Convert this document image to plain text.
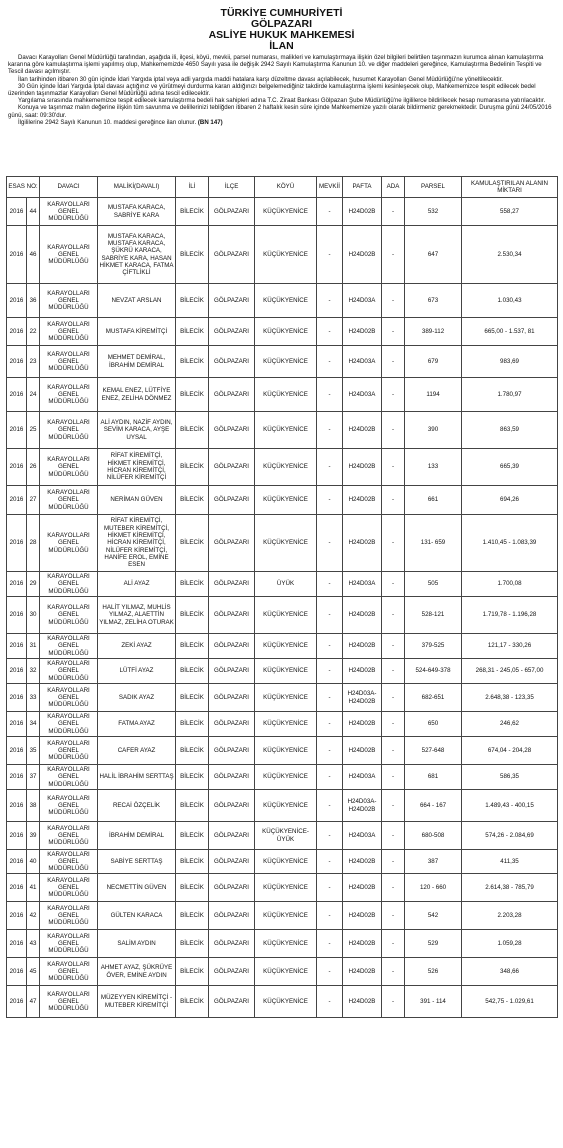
TÜRKİYE CUMHURİYETİ
GÖLPAZARI
ASLİYE HUKUK MAHKEMESİ
İLAN

Davacı Karayolları Genel Müdürlüğü tarafından, aşağıda ili, ilçesi, köyü, mevkii, parsel numarası, malikleri ve kamulaştırmaya ilişkin özel bilgileri belirtilen taşınmazın kurumca alınan kamulaştırma kararına göre kamulaştırma işlemi yapılmış olup, Mahkememizde 4650 Sayılı yasa ile değişik 2942 Sayılı Kamulaştırma Kanunun 10. ve diğer maddeleri gereğince, Kamulaştırma Bedelinin Tespiti ve Tescil davası açılmıştır.

İlan tarihinden itibaren 30 gün içinde İdari Yargıda iptal veya adli yargıda maddi hatalara karşı düzeltme davası açılabilecek, husumet Karayolları Genel Müdürlüğü'ne yöneltilecektir.

30 Gün içinde İdari Yargıda İptal davası açtığınız ve yürütmeyi durdurma kararı aldığınızı belgelemediğiniz takdirde kamulaştırma işlemi kesinleşecek olup, Mahkememizce tespit edilecek bedel üzerinden taşınmazlar Karayolları Genel Müdürlüğü adına tescil edilecektir.

Yargılama sırasında mahkememizce tespit edilecek kamulaştırma bedeli hak sahipleri adına T.C. Ziraat Bankası Gölpazarı Şube Müdürlüğü'ne ilgililerce bildirilecek hesap numarasına yatırılacaktır.

Konuya ve taşınmaz malın değerine ilişkin tüm savunma ve delillerinizi tebliğden itibaren 2 haftalık kesin süre içinde Mahkememize yazılı olarak bildirmeniz gerekmektedir. Duruşma günü 24/05/2016 günü, saat: 09:30'dur.

İlgililerine 2942 Sayılı Kanunun 10. maddesi gereğince ilan olunur. (BN 147)

ESAS NO:		DAVACI	MALİKİ(DAVALI)	İLİ	İLÇE	KÖYÜ	MEVKİİ	PAFTA	ADA	PARSEL	KAMULAŞTIRILAN ALANIN MİKTARI
2016	44	KARAYOLLARI GENEL MÜDÜRLÜĞÜ	MUSTAFA KARACA, SABRİYE KARA	BİLECİK	GÖLPAZARI	KÜÇÜKYENİCE	-	H24D02B	-	532	558,27
2016	46	KARAYOLLARI GENEL MÜDÜRLÜĞÜ	MUSTAFA KARACA, MUSTAFA KARACA, ŞÜKRÜ KARACA, SABRİYE KARA, HASAN HİKMET KARACA, FATMA ÇİFTLİKLİ	BİLECİK	GÖLPAZARI	KÜÇÜKYENİCE	-	H24D02B	-	647	2.530,34
2016	36	KARAYOLLARI GENEL MÜDÜRLÜĞÜ	NEVZAT ARSLAN	BİLECİK	GÖLPAZARI	KÜÇÜKYENİCE	-	H24D03A	-	673	1.030,43
2016	22	KARAYOLLARI GENEL MÜDÜRLÜĞÜ	MUSTAFA KİREMİTÇİ	BİLECİK	GÖLPAZARI	KÜÇÜKYENİCE	-	H24D02B	-	389-112	665,00 - 1.537, 81
2016	23	KARAYOLLARI GENEL MÜDÜRLÜĞÜ	MEHMET DEMİRAL, İBRAHİM DEMİRAL	BİLECİK	GÖLPAZARI	KÜÇÜKYENİCE	-	H24D03A	-	679	983,69
2016	24	KARAYOLLARI GENEL MÜDÜRLÜĞÜ	KEMAL ENEZ, LÜTFİYE ENEZ, ZELİHA DÖNMEZ	BİLECİK	GÖLPAZARI	KÜÇÜKYENİCE	-	H24D03A	-	1194	1.780,97
2016	25	KARAYOLLARI GENEL MÜDÜRLÜĞÜ	ALİ AYDIN, NAZİF AYDIN, SEVİM KARACA, AYŞE UYSAL	BİLECİK	GÖLPAZARI	KÜÇÜKYENİCE	-	H24D02B	-	390	863,59
2016	26	KARAYOLLARI GENEL MÜDÜRLÜĞÜ	RİFAT KİREMİTÇİ, HİKMET KİREMİTÇİ, HİCRAN KİREMİTÇİ, NİLÜFER KİREMİTÇİ	BİLECİK	GÖLPAZARI	KÜÇÜKYENİCE	-	H24D02B	-	133	665,39
2016	27	KARAYOLLARI GENEL MÜDÜRLÜĞÜ	NERİMAN GÜVEN	BİLECİK	GÖLPAZARI	KÜÇÜKYENİCE	-	H24D02B	-	661	694,26
2016	28	KARAYOLLARI GENEL MÜDÜRLÜĞÜ	RİFAT KİREMİTÇİ, MUTEBER KİREMİTÇİ, HİKMET KİREMİTÇİ, HİCRAN KİREMİTÇİ, NİLÜFER KİREMİTÇİ, HANİFE EROL, EMİNE ESEN	BİLECİK	GÖLPAZARI	KÜÇÜKYENİCE	-	H24D02B	-	131- 659	1.410,45 - 1.083,39
2016	29	KARAYOLLARI GENEL MÜDÜRLÜĞÜ	ALİ AYAZ	BİLECİK	GÖLPAZARI	ÜYÜK	-	H24D03A	-	505	1.700,08
2016	30	KARAYOLLARI GENEL MÜDÜRLÜĞÜ	HALİT YILMAZ, MUHLİS YILMAZ, ALAETTİN YILMAZ, ZELİHA OTURAK	BİLECİK	GÖLPAZARI	KÜÇÜKYENİCE	-	H24D02B	-	528-121	1.719,78 - 1.196,28
2016	31	KARAYOLLARI GENEL MÜDÜRLÜĞÜ	ZEKİ AYAZ	BİLECİK	GÖLPAZARI	KÜÇÜKYENİCE	-	H24D02B	-	379-525	121,17 - 330,26
2016	32	KARAYOLLARI GENEL MÜDÜRLÜĞÜ	LÜTFİ AYAZ	BİLECİK	GÖLPAZARI	KÜÇÜKYENİCE	-	H24D02B	-	524-649-378	268,31 - 245,05 - 657,00
2016	33	KARAYOLLARI GENEL MÜDÜRLÜĞÜ	SADIK AYAZ	BİLECİK	GÖLPAZARI	KÜÇÜKYENİCE	-	H24D03A- H24D02B	-	682-651	2.648,38 - 123,35
2016	34	KARAYOLLARI GENEL MÜDÜRLÜĞÜ	FATMA AYAZ	BİLECİK	GÖLPAZARI	KÜÇÜKYENİCE	-	H24D02B	-	650	246,62
2016	35	KARAYOLLARI GENEL MÜDÜRLÜĞÜ	CAFER AYAZ	BİLECİK	GÖLPAZARI	KÜÇÜKYENİCE	-	H24D02B	-	527-648	674,04 - 204,28
2016	37	KARAYOLLARI GENEL MÜDÜRLÜĞÜ	HALİL İBRAHİM SERTTAŞ	BİLECİK	GÖLPAZARI	KÜÇÜKYENİCE	-	H24D03A	-	681	586,35
2016	38	KARAYOLLARI GENEL MÜDÜRLÜĞÜ	RECAİ ÖZÇELİK	BİLECİK	GÖLPAZARI	KÜÇÜKYENİCE	-	H24D03A- H24D02B	-	664 - 167	1.489,43 - 400,15
2016	39	KARAYOLLARI GENEL MÜDÜRLÜĞÜ	İBRAHİM DEMİRAL	BİLECİK	GÖLPAZARI	KÜÇÜKYENİCE- ÜYÜK	-	H24D03A	-	680-508	574,26 - 2.084,69
2016	40	KARAYOLLARI GENEL MÜDÜRLÜĞÜ	SABİYE SERTTAŞ	BİLECİK	GÖLPAZARI	KÜÇÜKYENİCE	-	H24D02B	-	387	411,35
2016	41	KARAYOLLARI GENEL MÜDÜRLÜĞÜ	NECMETTİN GÜVEN	BİLECİK	GÖLPAZARI	KÜÇÜKYENİCE	-	H24D02B	-	120 - 660	2.614,38 - 785,79
2016	42	KARAYOLLARI GENEL MÜDÜRLÜĞÜ	GÜLTEN KARACA	BİLECİK	GÖLPAZARI	KÜÇÜKYENİCE	-	H24D02B	-	542	2.203,28
2016	43	KARAYOLLARI GENEL MÜDÜRLÜĞÜ	SALİM AYDIN	BİLECİK	GÖLPAZARI	KÜÇÜKYENİCE	-	H24D02B	-	529	1.059,28
2016	45	KARAYOLLARI GENEL MÜDÜRLÜĞÜ	AHMET AYAZ, ŞÜKRÜYE ÖVER, EMİNE AYDIN	BİLECİK	GÖLPAZARI	KÜÇÜKYENİCE	-	H24D02B	-	526	348,66
2016	47	KARAYOLLARI GENEL MÜDÜRLÜĞÜ	MÜZEYYEN KİREMİTÇİ - MUTEBER KİREMİTÇİ	BİLECİK	GÖLPAZARI	KÜÇÜKYENİCE	-	H24D02B	-	391 - 114	542,75 - 1.029,61
